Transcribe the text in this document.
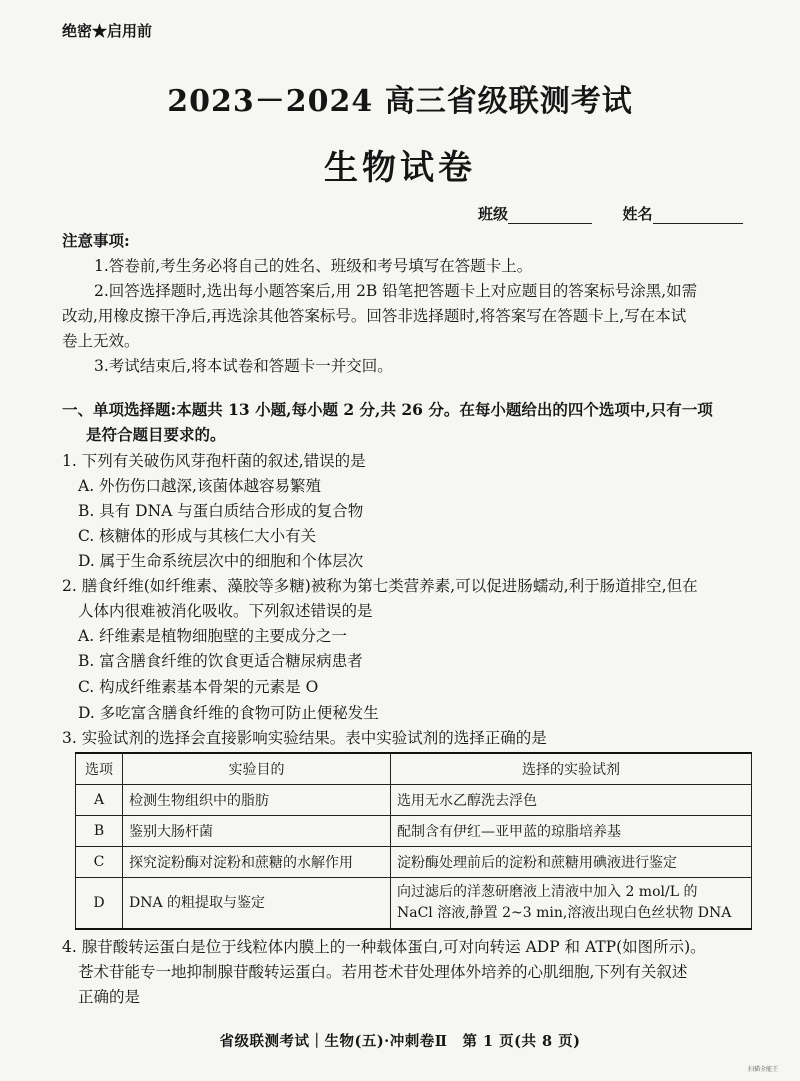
绝密★启用前
2023－2024 高三省级联测考试
生物试卷
班级	姓名
注意事项:
1.答卷前,考生务必将自己的姓名、班级和考号填写在答题卡上。
2.回答选择题时,选出每小题答案后,用 2B 铅笔把答题卡上对应题目的答案标号涂黑,如需
改动,用橡皮擦干净后,再选涂其他答案标号。回答非选择题时,将答案写在答题卡上,写在本试
卷上无效。
3.考试结束后,将本试卷和答题卡一并交回。
一、单项选择题:本题共 13 小题,每小题 2 分,共 26 分。在每小题给出的四个选项中,只有一项
是符合题目要求的。
1. 下列有关破伤风芽孢杆菌的叙述,错误的是
A. 外伤伤口越深,该菌体越容易繁殖
B. 具有 DNA 与蛋白质结合形成的复合物
C. 核糖体的形成与其核仁大小有关
D. 属于生命系统层次中的细胞和个体层次
2. 膳食纤维(如纤维素、藻胶等多糖)被称为第七类营养素,可以促进肠蠕动,利于肠道排空,但在
人体内很难被消化吸收。下列叙述错误的是
A. 纤维素是植物细胞壁的主要成分之一
B. 富含膳食纤维的饮食更适合糖尿病患者
C. 构成纤维素基本骨架的元素是 O
D. 多吃富含膳食纤维的食物可防止便秘发生
3. 实验试剂的选择会直接影响实验结果。表中实验试剂的选择正确的是
选项	实验目的	选择的实验试剂
A	检测生物组织中的脂肪	选用无水乙醇洗去浮色
B	鉴别大肠杆菌	配制含有伊红—亚甲蓝的琼脂培养基
C	探究淀粉酶对淀粉和蔗糖的水解作用	淀粉酶处理前后的淀粉和蔗糖用碘液进行鉴定
D	DNA 的粗提取与鉴定	向过滤后的洋葱研磨液上清液中加入 2 mol/L 的
NaCl 溶液,静置 2~3 min,溶液出现白色丝状物 DNA
4. 腺苷酸转运蛋白是位于线粒体内膜上的一种载体蛋白,可对向转运 ADP 和 ATP(如图所示)。
苍术苷能专一地抑制腺苷酸转运蛋白。若用苍术苷处理体外培养的心肌细胞,下列有关叙述
正确的是
省级联测考试｜生物(五)·冲刺卷Ⅱ　第 1 页(共 8 页)
扫描全能王
